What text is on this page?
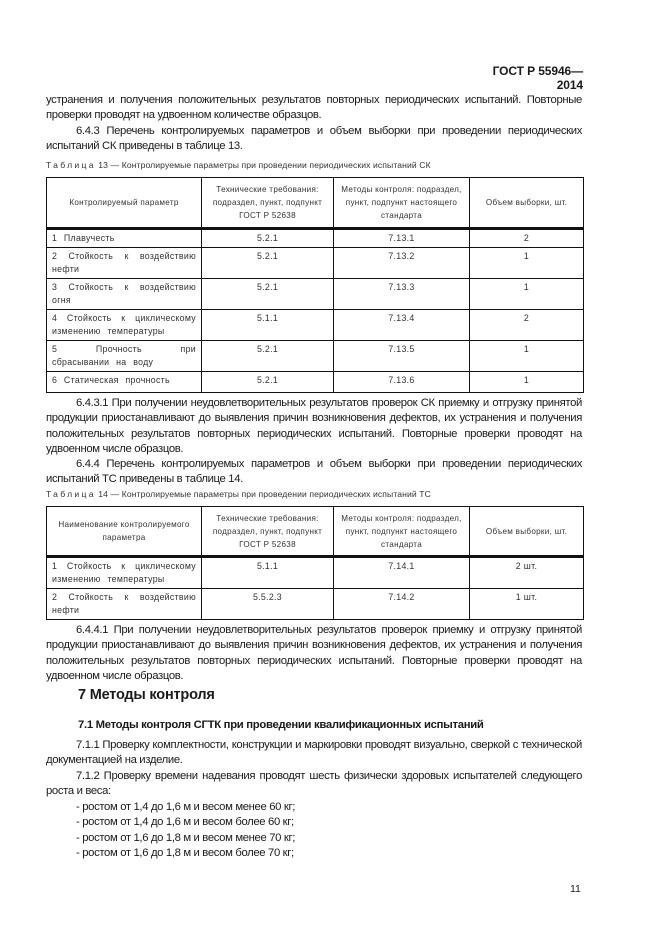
ГОСТ Р 55946—2014
устранения и получения положительных результатов повторных периодических испытаний. Повторные проверки проводят на удвоенном количестве образцов.
6.4.3 Перечень контролируемых параметров и объем выборки при проведении периодических испытаний СК приведены в таблице 13.
Таблица 13 — Контролируемые параметры при проведении периодических испытаний СК
Контролируемый параметр	Технические требования: подраздел, пункт, подпункт ГОСТ Р 52638	Методы контроля: подраздел, пункт, подпункт настоящего стандарта	Объем выборки, шт.
1 Плавучесть	5.2.1	7.13.1	2
2 Стойкость к воздействию нефти	5.2.1	7.13.2	1
3 Стойкость к воздействию огня	5.2.1	7.13.3	1
4 Стойкость к циклическому изменению температуры	5.1.1	7.13.4	2
5 Прочность при сбрасывании на воду	5.2.1	7.13.5	1
6 Статическая прочность	5.2.1	7.13.6	1
6.4.3.1 При получении неудовлетворительных результатов проверок СК приемку и отгрузку принятой продукции приостанавливают до выявления причин возникновения дефектов, их устранения и получения положительных результатов повторных периодических испытаний. Повторные проверки проводят на удвоенном числе образцов.
6.4.4 Перечень контролируемых параметров и объем выборки при проведении периодических испытаний ТС приведены в таблице 14.
Таблица 14 — Контролируемые параметры при проведении периодических испытаний ТС
Наименование контролируемого параметра	Технические требования: подраздел, пункт, подпункт ГОСТ Р 52638	Методы контроля: подраздел, пункт, подпункт настоящего стандарта	Объем выборки, шт.
1 Стойкость к циклическому изменению температуры	5.1.1	7.14.1	2 шт.
2 Стойкость к воздействию нефти	5.5.2.3	7.14.2	1 шт.
6.4.4.1 При получении неудовлетворительных результатов проверок приемку и отгрузку принятой продукции приостанавливают до выявления причин возникновения дефектов, их устранения и получения положительных результатов повторных периодических испытаний. Повторные проверки проводят на удвоенном числе образцов.
7 Методы контроля
7.1 Методы контроля СГТК при проведении квалификационных испытаний
7.1.1 Проверку комплектности, конструкции и маркировки проводят визуально, сверкой с технической документацией на изделие.
7.1.2 Проверку времени надевания проводят шесть физически здоровых испытателей следующего роста и веса:
- ростом от 1,4 до 1,6 м и весом менее 60 кг;
- ростом от 1,4 до 1,6 м и весом более 60 кг;
- ростом от 1,6 до 1,8 м и весом менее 70 кг;
- ростом от 1,6 до 1,8 м и весом более 70 кг;
11
